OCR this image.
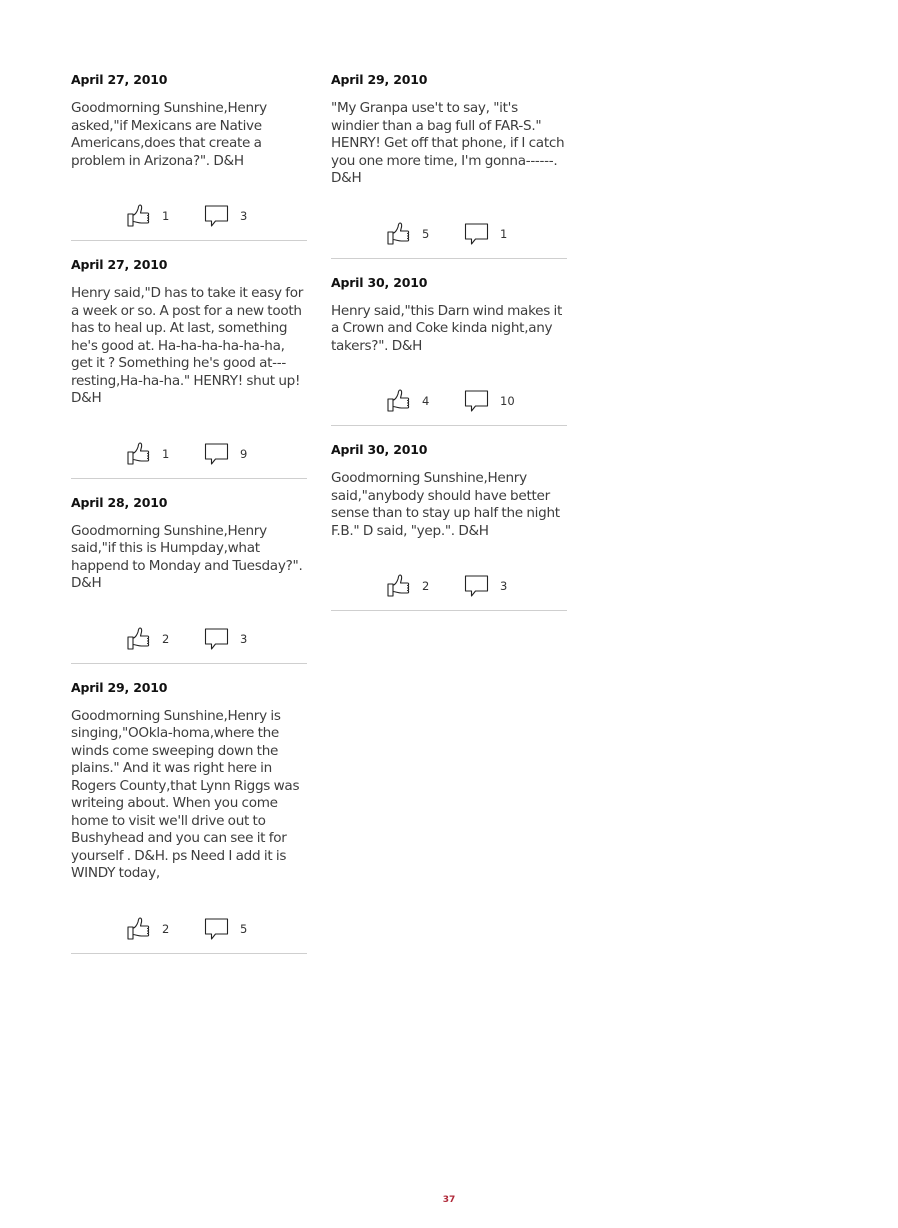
April 27, 2010
Goodmorning Sunshine,Henry asked,"if Mexicans are Native Americans,does that create a problem in Arizona?". D&H
1	3
April 27, 2010
Henry said,"D has to take it easy for a week or so. A post for a new tooth has to heal up. At last, something he's good at. Ha-ha-ha-ha-ha-ha, get it ? Something he's good at---resting,Ha-ha-ha." HENRY! shut up! D&H
1	9
April 28, 2010
Goodmorning Sunshine,Henry said,"if this is Humpday,what happend to Monday and Tuesday?". D&H
2	3
April 29, 2010
Goodmorning Sunshine,Henry is singing,"OOkla-homa,where the winds come sweeping down the plains." And it was right here in Rogers County,that Lynn Riggs was writeing about. When you come home to visit we'll drive out to Bushyhead and you can see it for yourself . D&H. ps Need I add it is WINDY today,
2	5
April 29, 2010
"My Granpa use't to say, "it's windier than a bag full of FAR-S." HENRY! Get off that phone, if I catch you one more time, I'm gonna------. D&H
5	1
April 30, 2010
Henry said,"this Darn wind makes it a Crown and Coke kinda night,any takers?". D&H
4	10
April 30, 2010
Goodmorning Sunshine,Henry said,"anybody should have better sense than to stay up half the night F.B." D said, "yep.". D&H
2	3
37
